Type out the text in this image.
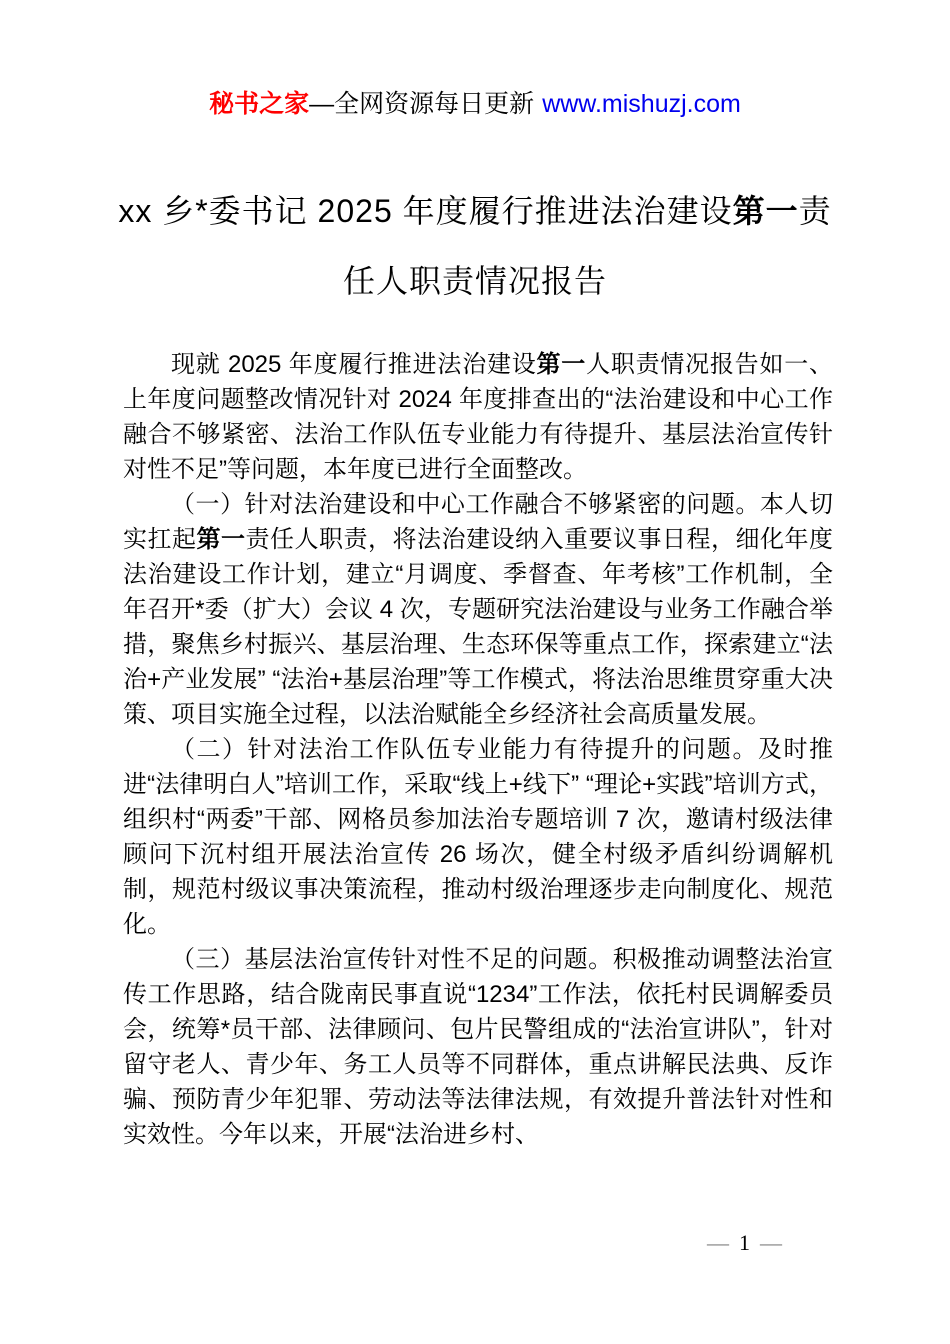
秘书之家—全网资源每日更新 www.mishuzj.com
xx 乡*委书记 2025 年度履行推进法治建设第一责任人职责情况报告

现就 2025 年度履行推进法治建设第一人职责情况报告如一、上年度问题整改情况针对 2024 年度排查出的“法治建设和中心工作融合不够紧密、法治工作队伍专业能力有待提升、基层法治宣传针对性不足”等问题，本年度已进行全面整改。

（一）针对法治建设和中心工作融合不够紧密的问题。本人切实扛起第一责任人职责，将法治建设纳入重要议事日程，细化年度法治建设工作计划，建立“月调度、季督查、年考核”工作机制，全年召开*委（扩大）会议 4 次，专题研究法治建设与业务工作融合举措，聚焦乡村振兴、基层治理、生态环保等重点工作，探索建立“法治+产业发展” “法治+基层治理”等工作模式，将法治思维贯穿重大决策、项目实施全过程，以法治赋能全乡经济社会高质量发展。

（二）针对法治工作队伍专业能力有待提升的问题。及时推进“法律明白人”培训工作，采取“线上+线下” “理论+实践”培训方式，组织村“两委”干部、网格员参加法治专题培训 7 次，邀请村级法律顾问下沉村组开展法治宣传 26 场次，健全村级矛盾纠纷调解机制，规范村级议事决策流程，推动村级治理逐步走向制度化、规范化。

（三）基层法治宣传针对性不足的问题。积极推动调整法治宣传工作思路，结合陇南民事直说“1234”工作法，依托村民调解委员会，统筹*员干部、法律顾问、包片民警组成的“法治宣讲队”，针对留守老人、青少年、务工人员等不同群体，重点讲解民法典、反诈骗、预防青少年犯罪、劳动法等法律法规，有效提升普法针对性和实效性。今年以来，开展“法治进乡村、

— 1 —
